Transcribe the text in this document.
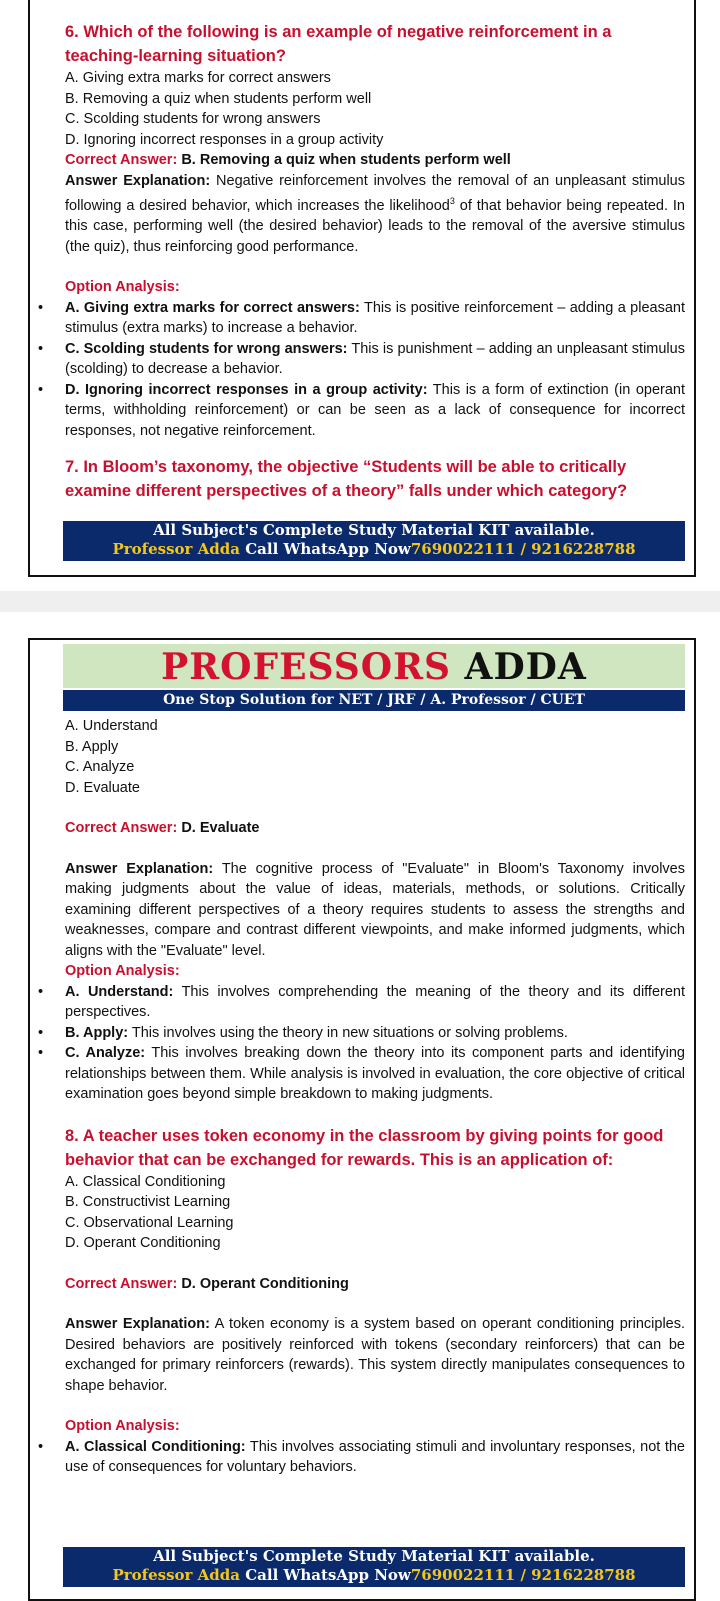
6. Which of the following is an example of negative reinforcement in a teaching-learning situation?

A. Giving extra marks for correct answers

B. Removing a quiz when students perform well

C. Scolding students for wrong answers

D. Ignoring incorrect responses in a group activity

Correct Answer: B. Removing a quiz when students perform well

Answer Explanation: Negative reinforcement involves the removal of an unpleasant stimulus following a desired behavior, which increases the likelihood$^3$ of that behavior being repeated. In this case, performing well (the desired behavior) leads to the removal of the aversive stimulus (the quiz), thus reinforcing good performance.

Option Analysis:

• A. Giving extra marks for correct answers: This is positive reinforcement – adding a pleasant stimulus (extra marks) to increase a behavior.
• C. Scolding students for wrong answers: This is punishment – adding an unpleasant stimulus (scolding) to decrease a behavior.
• D. Ignoring incorrect responses in a group activity: This is a form of extinction (in operant terms, withholding reinforcement) or can be seen as a lack of consequence for incorrect responses, not negative reinforcement.

7. In Bloom’s taxonomy, the objective “Students will be able to critically examine different perspectives of a theory” falls under which category?

All Subject's Complete Study Material KIT available.
Professor Adda Call WhatsApp Now7690022111 / 9216228788
PROFESSORS ADDA
One Stop Solution for NET / JRF / A. Professor / CUET

A. Understand

B. Apply

C. Analyze

D. Evaluate

Correct Answer: D. Evaluate

Answer Explanation: The cognitive process of "Evaluate" in Bloom's Taxonomy involves making judgments about the value of ideas, materials, methods, or solutions. Critically examining different perspectives of a theory requires students to assess the strengths and weaknesses, compare and contrast different viewpoints, and make informed judgments, which aligns with the "Evaluate" level.

Option Analysis:

• A. Understand: This involves comprehending the meaning of the theory and its different perspectives.
• B. Apply: This involves using the theory in new situations or solving problems.
• C. Analyze: This involves breaking down the theory into its component parts and identifying relationships between them. While analysis is involved in evaluation, the core objective of critical examination goes beyond simple breakdown to making judgments.

8. A teacher uses token economy in the classroom by giving points for good behavior that can be exchanged for rewards. This is an application of:

A. Classical Conditioning

B. Constructivist Learning

C. Observational Learning

D. Operant Conditioning

Correct Answer: D. Operant Conditioning

Answer Explanation: A token economy is a system based on operant conditioning principles. Desired behaviors are positively reinforced with tokens (secondary reinforcers) that can be exchanged for primary reinforcers (rewards). This system directly manipulates consequences to shape behavior.

Option Analysis:

• A. Classical Conditioning: This involves associating stimuli and involuntary responses, not the use of consequences for voluntary behaviors.
All Subject's Complete Study Material KIT available.
Professor Adda Call WhatsApp Now7690022111 / 9216228788
